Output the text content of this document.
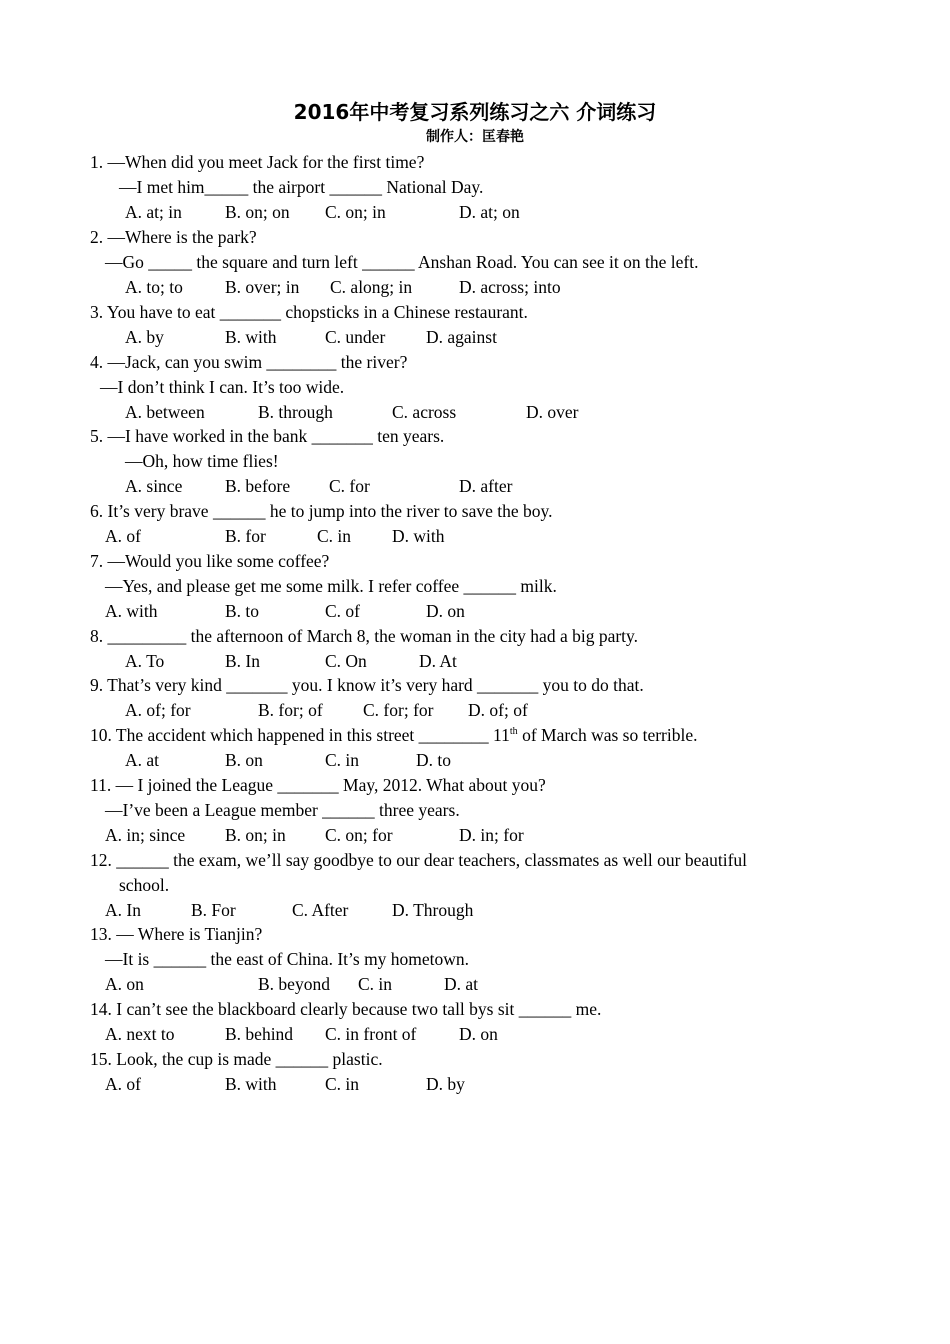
2016年中考复习系列练习之六 介词练习
制作人：匡春艳
1. —When did you meet Jack for the first time?
—I met him_____ the airport ______ National Day.
A. at; in B. on; on C. on; in	D. at; on
2. —Where is the park?
—Go _____ the square and turn left ______ Anshan Road. You can see it on the left.
A. to; to B. over; in C. along; in	D. across; into
3. You have to eat _______ chopsticks in a Chinese restaurant.
A. by	B. with	C. under D. against
4. —Jack, can you swim ________ the river?
—I don’t think I can. It’s too wide.
A. between	B. through	C. across	D. over
5. —I have worked in the bank _______ ten years.
—Oh, how time flies!
A. since B. before C. for	D. after
6. It’s very brave ______ he to jump into the river to save the boy.
A. of	B. for	C. in D. with
7. —Would you like some coffee?
—Yes, and please get me some milk. I refer coffee ______ milk.
A. with	B. to	C. of	D. on
8. _________ the afternoon of March 8, the woman in the city had a big party.
A. To	B. In	C. On	D. At
9. That’s very kind _______ you. I know it’s very hard _______ you to do that.
A. of; for	B. for; of C. for; for D. of; of
10. The accident which happened in this street ________ 11th of March was so terrible.
A. at	B. on	C. in	D. to
11. — I joined the League _______ May, 2012. What about you?
—I’ve been a League member ______ three years.
A. in; since B. on; in C. on; for	D. in; for
12. ______ the exam, we’ll say goodbye to our dear teachers, classmates as well our beautiful
school.
A. In	B. For	C. After D. Through
13. — Where is Tianjin?
—It is ______ the east of China. It’s my hometown.
A. on	B. beyond C. in	D. at
14. I can’t see the blackboard clearly because two tall bys sit ______ me.
A. next to	B. behind C. in front of D. on
15. Look, the cup is made ______ plastic.
A. of	B. with	C. in	D. by
